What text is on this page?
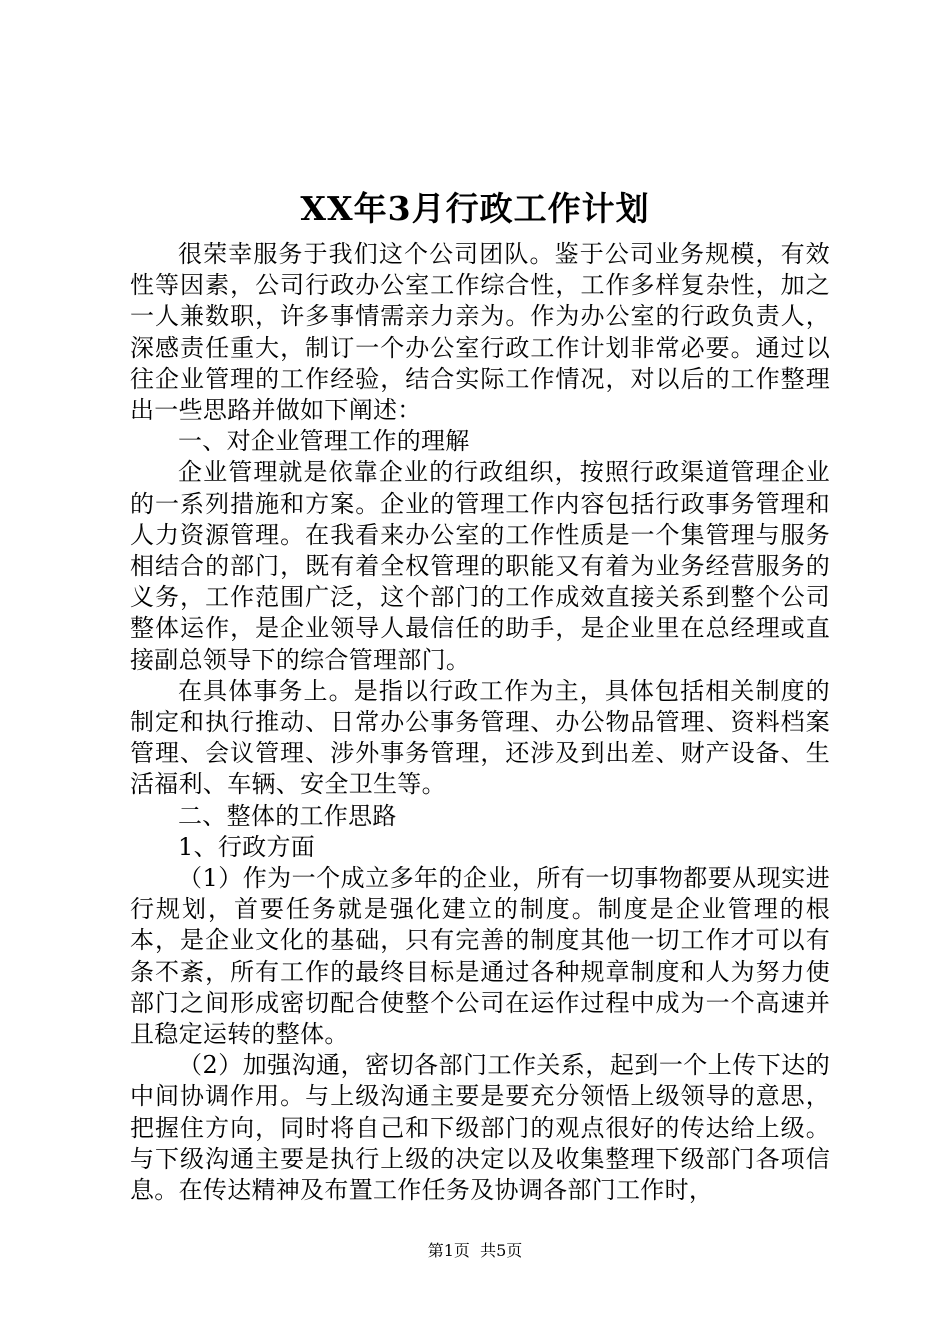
XX年3月行政工作计划

很荣幸服务于我们这个公司团队。鉴于公司业务规模，有效性等因素，公司行政办公室工作综合性，工作多样复杂性，加之一人兼数职，许多事情需亲力亲为。作为办公室的行政负责人，深感责任重大，制订一个办公室行政工作计划非常必要。通过以往企业管理的工作经验，结合实际工作情况，对以后的工作整理出一些思路并做如下阐述：

一、对企业管理工作的理解

企业管理就是依靠企业的行政组织，按照行政渠道管理企业的一系列措施和方案。企业的管理工作内容包括行政事务管理和人力资源管理。在我看来办公室的工作性质是一个集管理与服务相结合的部门，既有着全权管理的职能又有着为业务经营服务的义务，工作范围广泛，这个部门的工作成效直接关系到整个公司整体运作，是企业领导人最信任的助手，是企业里在总经理或直接副总领导下的综合管理部门。

在具体事务上。是指以行政工作为主，具体包括相关制度的制定和执行推动、日常办公事务管理、办公物品管理、资料档案管理、会议管理、涉外事务管理，还涉及到出差、财产设备、生活福利、车辆、安全卫生等。

二、整体的工作思路

1、行政方面

（1）作为一个成立多年的企业，所有一切事物都要从现实进行规划，首要任务就是强化建立的制度。制度是企业管理的根本，是企业文化的基础，只有完善的制度其他一切工作才可以有条不紊，所有工作的最终目标是通过各种规章制度和人为努力使部门之间形成密切配合使整个公司在运作过程中成为一个高速并且稳定运转的整体。

（2）加强沟通，密切各部门工作关系，起到一个上传下达的中间协调作用。与上级沟通主要是要充分领悟上级领导的意思，把握住方向，同时将自己和下级部门的观点很好的传达给上级。与下级沟通主要是执行上级的决定以及收集整理下级部门各项信息。在传达精神及布置工作任务及协调各部门工作时，

第1页 共5页
